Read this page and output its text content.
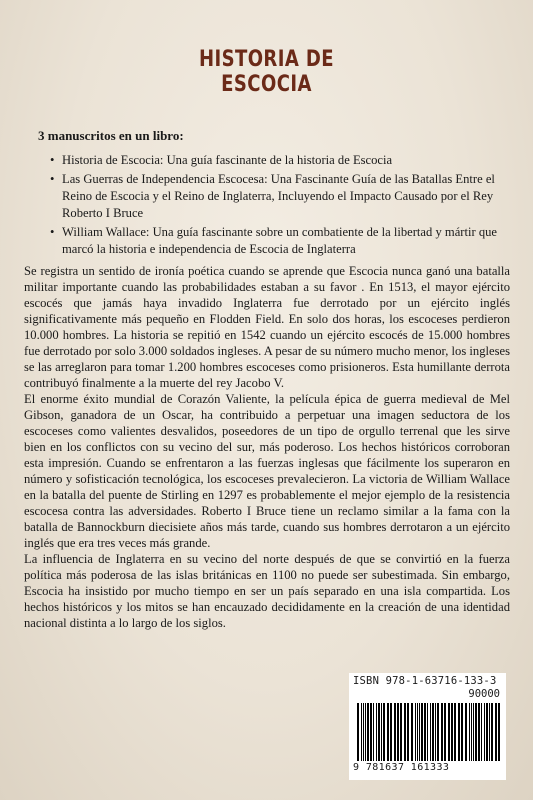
HISTORIA DE
ESCOCIA
3 manuscritos en un libro:
• Historia de Escocia: Una guía fascinante de la historia de Escocia
• Las Guerras de Independencia Escocesa: Una Fascinante Guía de las Batallas Entre el Reino de Escocia y el Reino de Inglaterra, Incluyendo el Impacto Causado por el Rey Roberto I Bruce
• William Wallace: Una guía fascinante sobre un combatiente de la libertad y mártir que marcó la historia e independencia de Escocia de Inglaterra

Se registra un sentido de ironía poética cuando se aprende que Escocia nunca ganó una batalla militar importante cuando las probabilidades estaban a su favor . En 1513, el mayor ejército escocés que jamás haya invadido Inglaterra fue derrotado por un ejército inglés significativamente más pequeño en Flodden Field. En solo dos horas, los escoceses perdieron 10.000 hombres. La historia se repitió en 1542 cuando un ejército escocés de 15.000 hombres fue derrotado por solo 3.000 soldados ingleses. A pesar de su número mucho menor, los ingleses se las arreglaron para tomar 1.200 hombres escoceses como prisioneros. Esta humillante derrota contribuyó finalmente a la muerte del rey Jacobo V.

El enorme éxito mundial de Corazón Valiente, la película épica de guerra medieval de Mel Gibson, ganadora de un Oscar, ha contribuido a perpetuar una imagen seductora de los escoceses como valientes desvalidos, poseedores de un tipo de orgullo terrenal que les sirve bien en los conflictos con su vecino del sur, más poderoso. Los hechos históricos corroboran esta impresión. Cuando se enfrentaron a las fuerzas inglesas que fácilmente los superaron en número y sofisticación tecnológica, los escoceses prevalecieron. La victoria de William Wallace en la batalla del puente de Stirling en 1297 es probablemente el mejor ejemplo de la resistencia escocesa contra las adversidades. Roberto I Bruce tiene un reclamo similar a la fama con la batalla de Bannockburn diecisiete años más tarde, cuando sus hombres derrotaron a un ejército inglés que era tres veces más grande.

La influencia de Inglaterra en su vecino del norte después de que se convirtió en la fuerza política más poderosa de las islas británicas en 1100 no puede ser subestimada. Sin embargo, Escocia ha insistido por mucho tiempo en ser un país separado en una isla compartida. Los hechos históricos y los mitos se han encauzado decididamente en la creación de una identidad nacional distinta a lo largo de los siglos.

ISBN 978-1-63716-133-3
90000
9 781637 161333
